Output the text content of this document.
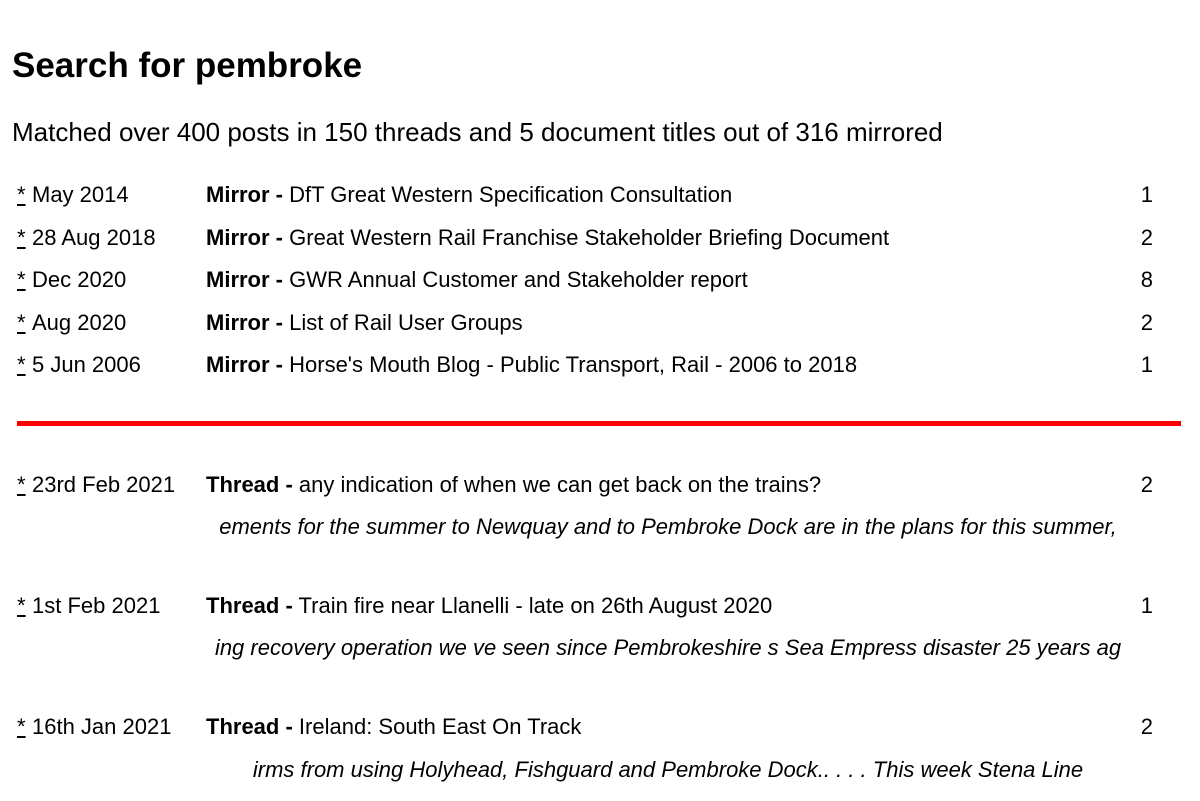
Search for pembroke

Matched over 400 posts in 150 threads and 5 document titles out of 316 mirrored

* May 2014	Mirror - DfT Great Western Specification Consultation	1
* 28 Aug 2018 Mirror - Great Western Rail Franchise Stakeholder Briefing Document	2
* Dec 2020	Mirror - GWR Annual Customer and Stakeholder report	8
* Aug 2020	Mirror - List of Rail User Groups	2
* 5 Jun 2006	Mirror - Horse's Mouth Blog - Public Transport, Rail - 2006 to 2018	1
* 23rd Feb 2021 Thread - any indication of when we can get back on the trains?	2
ements for the summer to Newquay and to Pembroke Dock are in the plans for this summer,
* 1st Feb 2021 Thread - Train fire near Llanelli - late on 26th August 2020	1
ing recovery operation we ve seen since Pembrokeshire s Sea Empress disaster 25 years ag
* 16th Jan 2021 Thread - Ireland: South East On Track	2
irms from using Holyhead, Fishguard and Pembroke Dock.. . . . This week Stena Line
